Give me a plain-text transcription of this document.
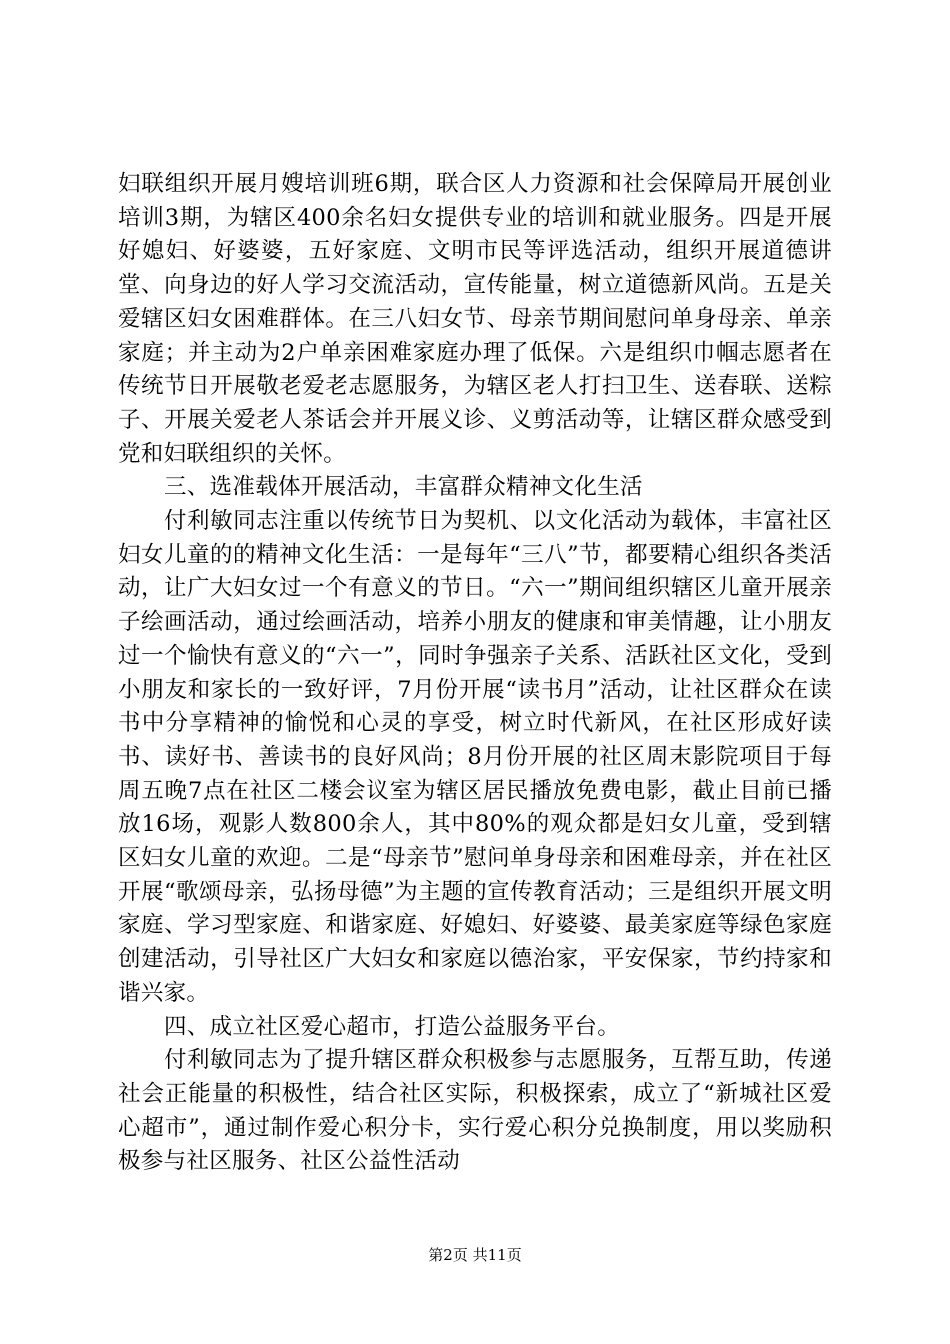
妇联组织开展月嫂培训班6期，联合区人力资源和社会保障局开展创业培训3期，为辖区400余名妇女提供专业的培训和就业服务。四是开展好媳妇、好婆婆，五好家庭、文明市民等评选活动，组织开展道德讲堂、向身边的好人学习交流活动，宣传能量，树立道德新风尚。五是关爱辖区妇女困难群体。在三八妇女节、母亲节期间慰问单身母亲、单亲家庭；并主动为2户单亲困难家庭办理了低保。六是组织巾帼志愿者在传统节日开展敬老爱老志愿服务，为辖区老人打扫卫生、送春联、送粽子、开展关爱老人茶话会并开展义诊、义剪活动等，让辖区群众感受到党和妇联组织的关怀。

三、选准载体开展活动，丰富群众精神文化生活

付利敏同志注重以传统节日为契机、以文化活动为载体，丰富社区妇女儿童的的精神文化生活：一是每年“三八”节，都要精心组织各类活动，让广大妇女过一个有意义的节日。“六一”期间组织辖区儿童开展亲子绘画活动，通过绘画活动，培养小朋友的健康和审美情趣，让小朋友过一个愉快有意义的“六一”，同时争强亲子关系、活跃社区文化，受到小朋友和家长的一致好评，7月份开展“读书月”活动，让社区群众在读书中分享精神的愉悦和心灵的享受，树立时代新风，在社区形成好读书、读好书、善读书的良好风尚；8月份开展的社区周末影院项目于每周五晚7点在社区二楼会议室为辖区居民播放免费电影，截止目前已播放16场，观影人数800余人，其中80%的观众都是妇女儿童，受到辖区妇女儿童的欢迎。二是“母亲节”慰问单身母亲和困难母亲，并在社区开展“歌颂母亲，弘扬母德”为主题的宣传教育活动；三是组织开展文明家庭、学习型家庭、和谐家庭、好媳妇、好婆婆、最美家庭等绿色家庭创建活动，引导社区广大妇女和家庭以德治家，平安保家，节约持家和谐兴家。

四、成立社区爱心超市，打造公益服务平台。

付利敏同志为了提升辖区群众积极参与志愿服务，互帮互助，传递社会正能量的积极性，结合社区实际，积极探索，成立了“新城社区爱心超市”，通过制作爱心积分卡，实行爱心积分兑换制度，用以奖励积极参与社区服务、社区公益性活动

第2页 共11页
